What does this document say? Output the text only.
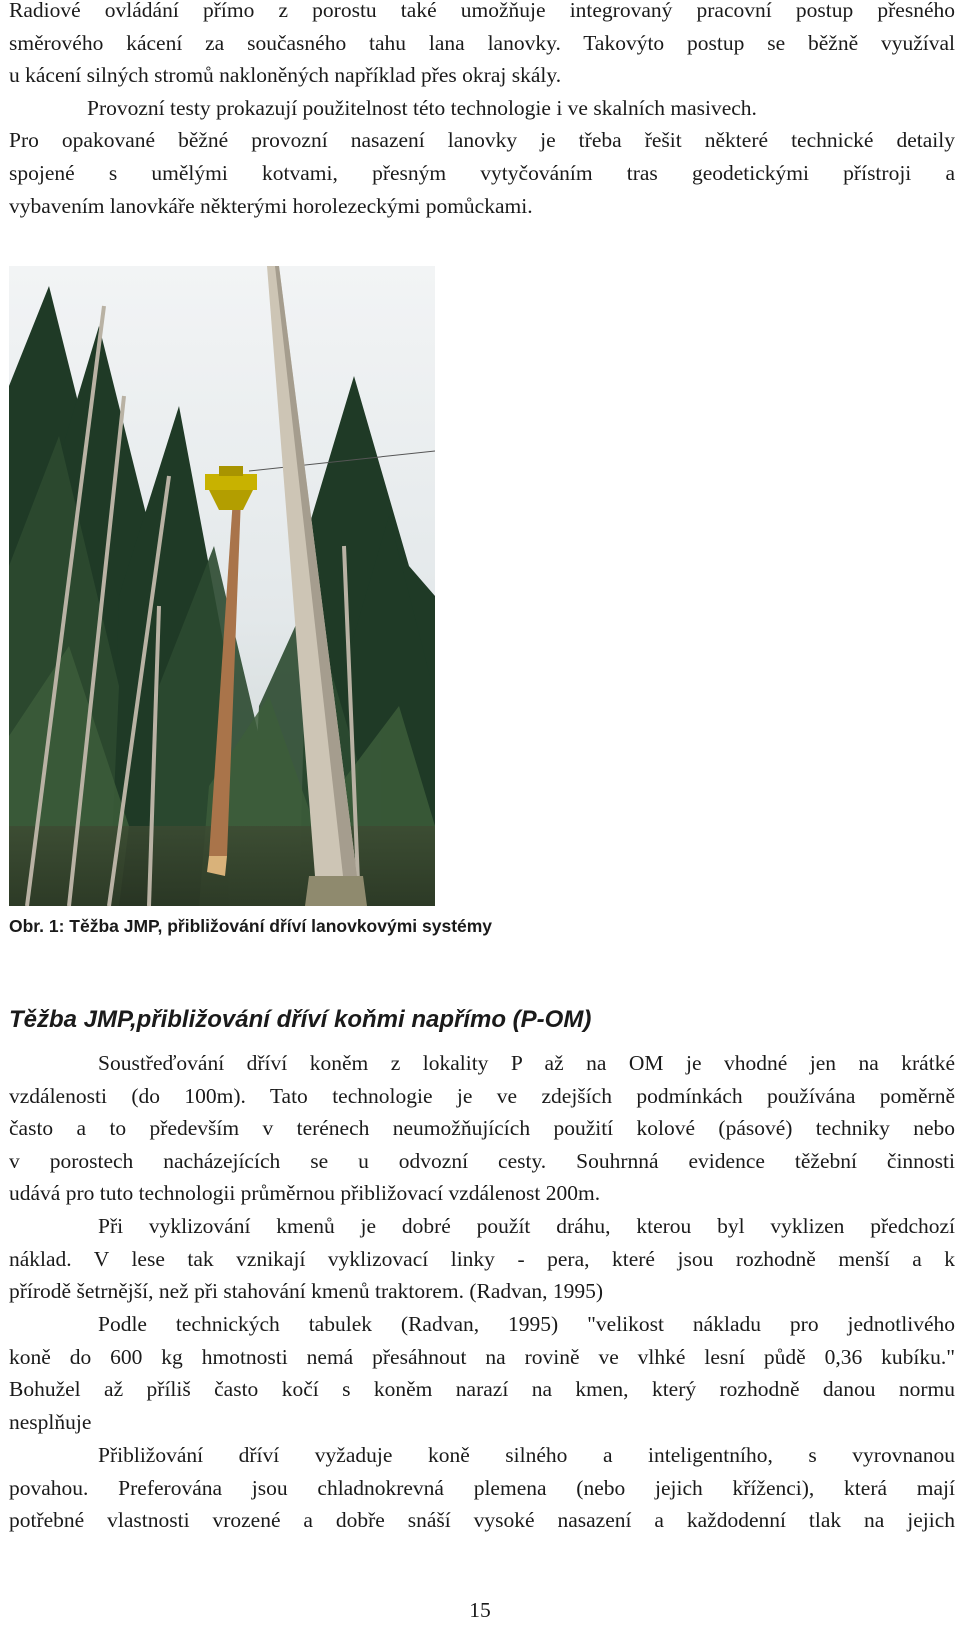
Radiové ovládání přímo z porostu také umožňuje integrovaný pracovní postup přesného
směrového kácení za současného tahu lana lanovky. Takovýto postup se běžně využíval
u kácení silných stromů nakloněných například přes okraj skály.
Provozní testy prokazují použitelnost této technologie i ve skalních masivech.
Pro opakované běžné provozní nasazení lanovky je třeba řešit některé technické detaily
spojené s umělými kotvami, přesným vytyčováním tras geodetickými přístroji a
vybavením lanovkáře některými horolezeckými pomůckami.
Obr. 1: Těžba JMP, přibližování dříví lanovkovými systémy
Těžba JMP,přibližování dříví koňmi napřímo (P-OM)
Soustřeďování dříví koněm z lokality P až na OM je vhodné jen na krátké
vzdálenosti (do 100m). Tato technologie je ve zdejších podmínkách používána poměrně
často a to především v terénech neumožňujících použití kolové (pásové) techniky nebo
v porostech nacházejících se u odvozní cesty. Souhrnná evidence těžební činnosti
udává pro tuto technologii průměrnou přibližovací vzdálenost 200m.
Při vyklizování kmenů je dobré použít dráhu, kterou byl vyklizen předchozí
náklad. V lese tak vznikají vyklizovací linky - pera, které jsou rozhodně menší a k
přírodě šetrnější, než při stahování kmenů traktorem. (Radvan, 1995)
Podle technických tabulek (Radvan, 1995) "velikost nákladu pro jednotlivého
koně do 600 kg hmotnosti nemá přesáhnout na rovině ve vlhké lesní půdě 0,36 kubíku."
Bohužel až příliš často kočí s koněm narazí na kmen, který rozhodně danou normu
nesplňuje
Přibližování dříví vyžaduje koně silného a inteligentního, s vyrovnanou
povahou. Preferována jsou chladnokrevná plemena (nebo jejich kříženci), která mají
potřebné vlastnosti vrozené a dobře snáší vysoké nasazení a každodenní tlak na jejich
15
